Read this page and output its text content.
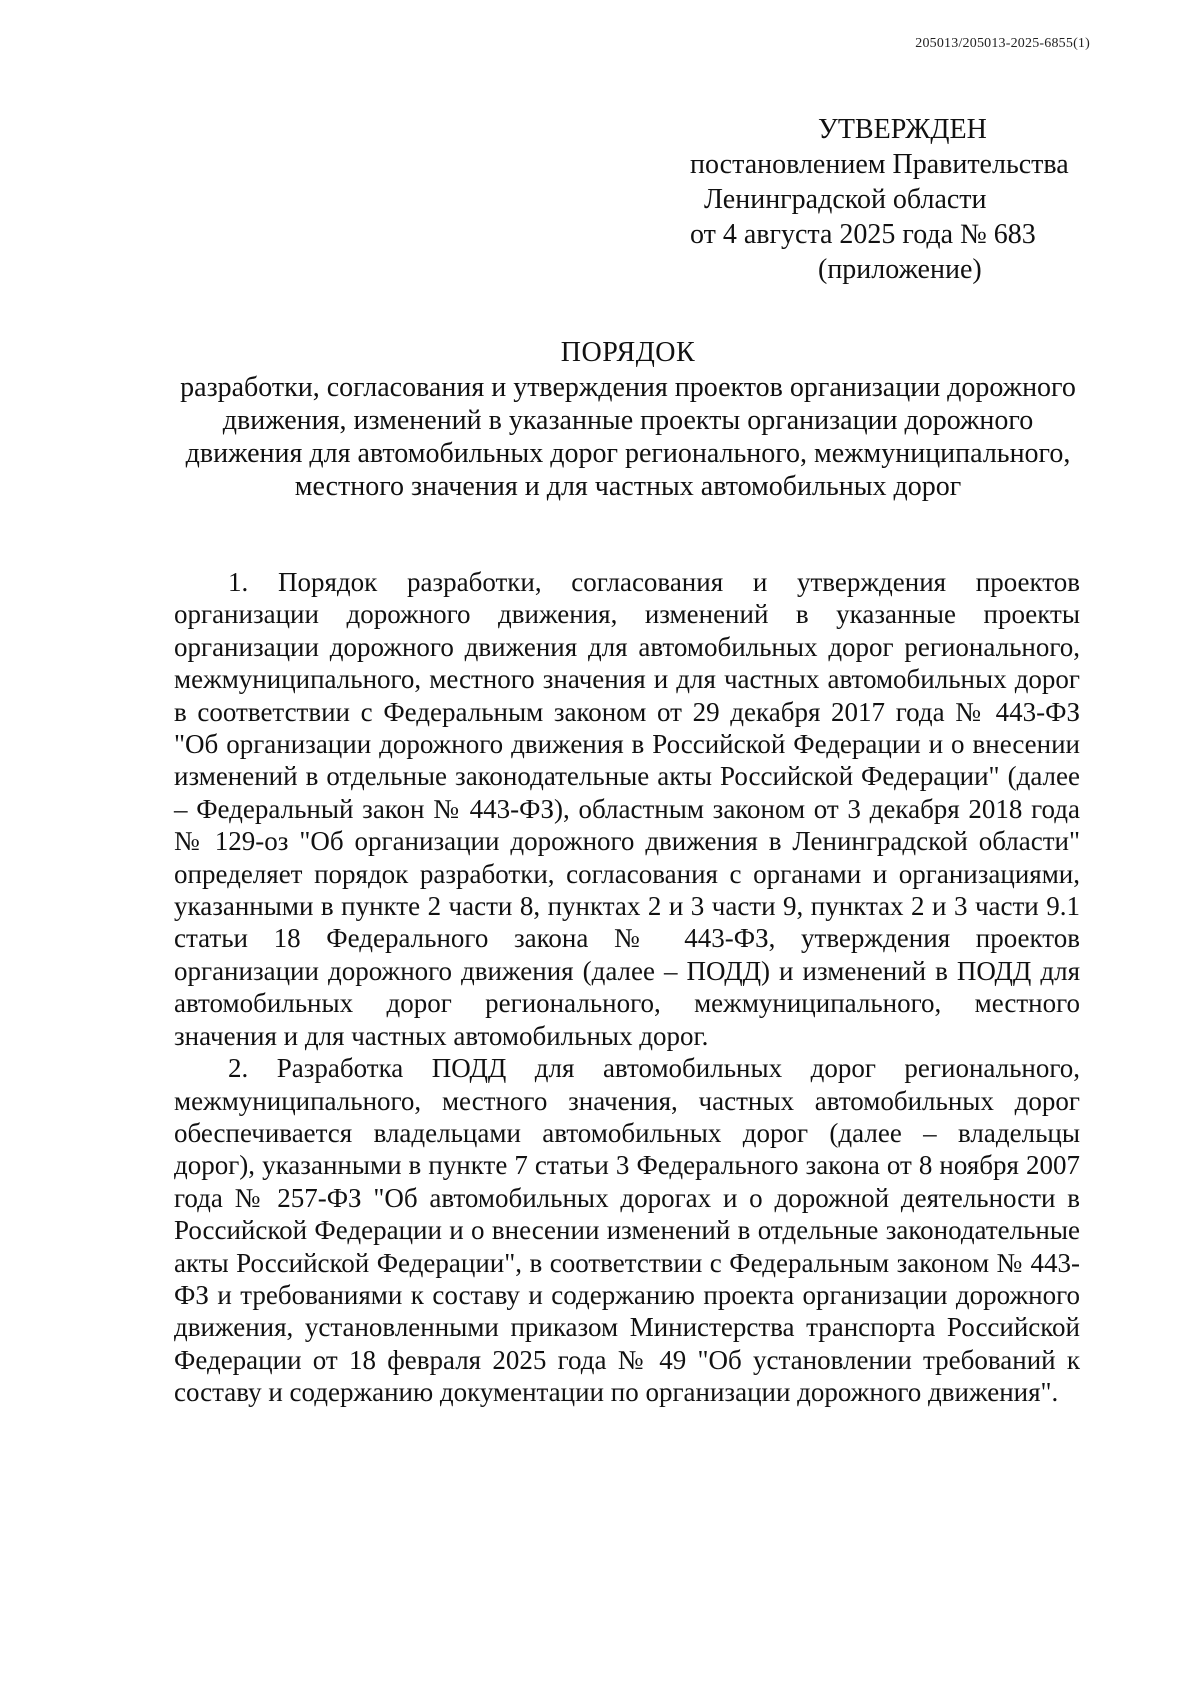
205013/205013-2025-6855(1)
УТВЕРЖДЕН
постановлением Правительства
Ленинградской области
от 4 августа 2025 года № 683
(приложение)
ПОРЯДОК
разработки, согласования и утверждения проектов организации дорожного движения, изменений в указанные проекты организации дорожного движения для автомобильных дорог регионального, межмуниципального, местного значения и для частных автомобильных дорог

1. Порядок разработки, согласования и утверждения проектов организации дорожного движения, изменений в указанные проекты организации дорожного движения для автомобильных дорог регионального, межмуниципального, местного значения и для частных автомобильных дорог в соответствии с Федеральным законом от 29 декабря 2017 года № 443-ФЗ "Об организации дорожного движения в Российской Федерации и о внесении изменений в отдельные законодательные акты Российской Федерации" (далее – Федеральный закон № 443-ФЗ), областным законом от 3 декабря 2018 года № 129-оз "Об организации дорожного движения в Ленинградской области" определяет порядок разработки, согласования с органами и организациями, указанными в пункте 2 части 8, пунктах 2 и 3 части 9, пунктах 2 и 3 части 9.1 статьи 18 Федерального закона № 443-ФЗ, утверждения проектов организации дорожного движения (далее – ПОДД) и изменений в ПОДД для автомобильных дорог регионального, межмуниципального, местного значения и для частных автомобильных дорог.

2. Разработка ПОДД для автомобильных дорог регионального, межмуниципального, местного значения, частных автомобильных дорог обеспечивается владельцами автомобильных дорог (далее – владельцы дорог), указанными в пункте 7 статьи 3 Федерального закона от 8 ноября 2007 года № 257-ФЗ "Об автомобильных дорогах и о дорожной деятельности в Российской Федерации и о внесении изменений в отдельные законодательные акты Российской Федерации", в соответствии с Федеральным законом № 443-ФЗ и требованиями к составу и содержанию проекта организации дорожного движения, установленными приказом Министерства транспорта Российской Федерации от 18 февраля 2025 года № 49 "Об установлении требований к составу и содержанию документации по организации дорожного движения".
